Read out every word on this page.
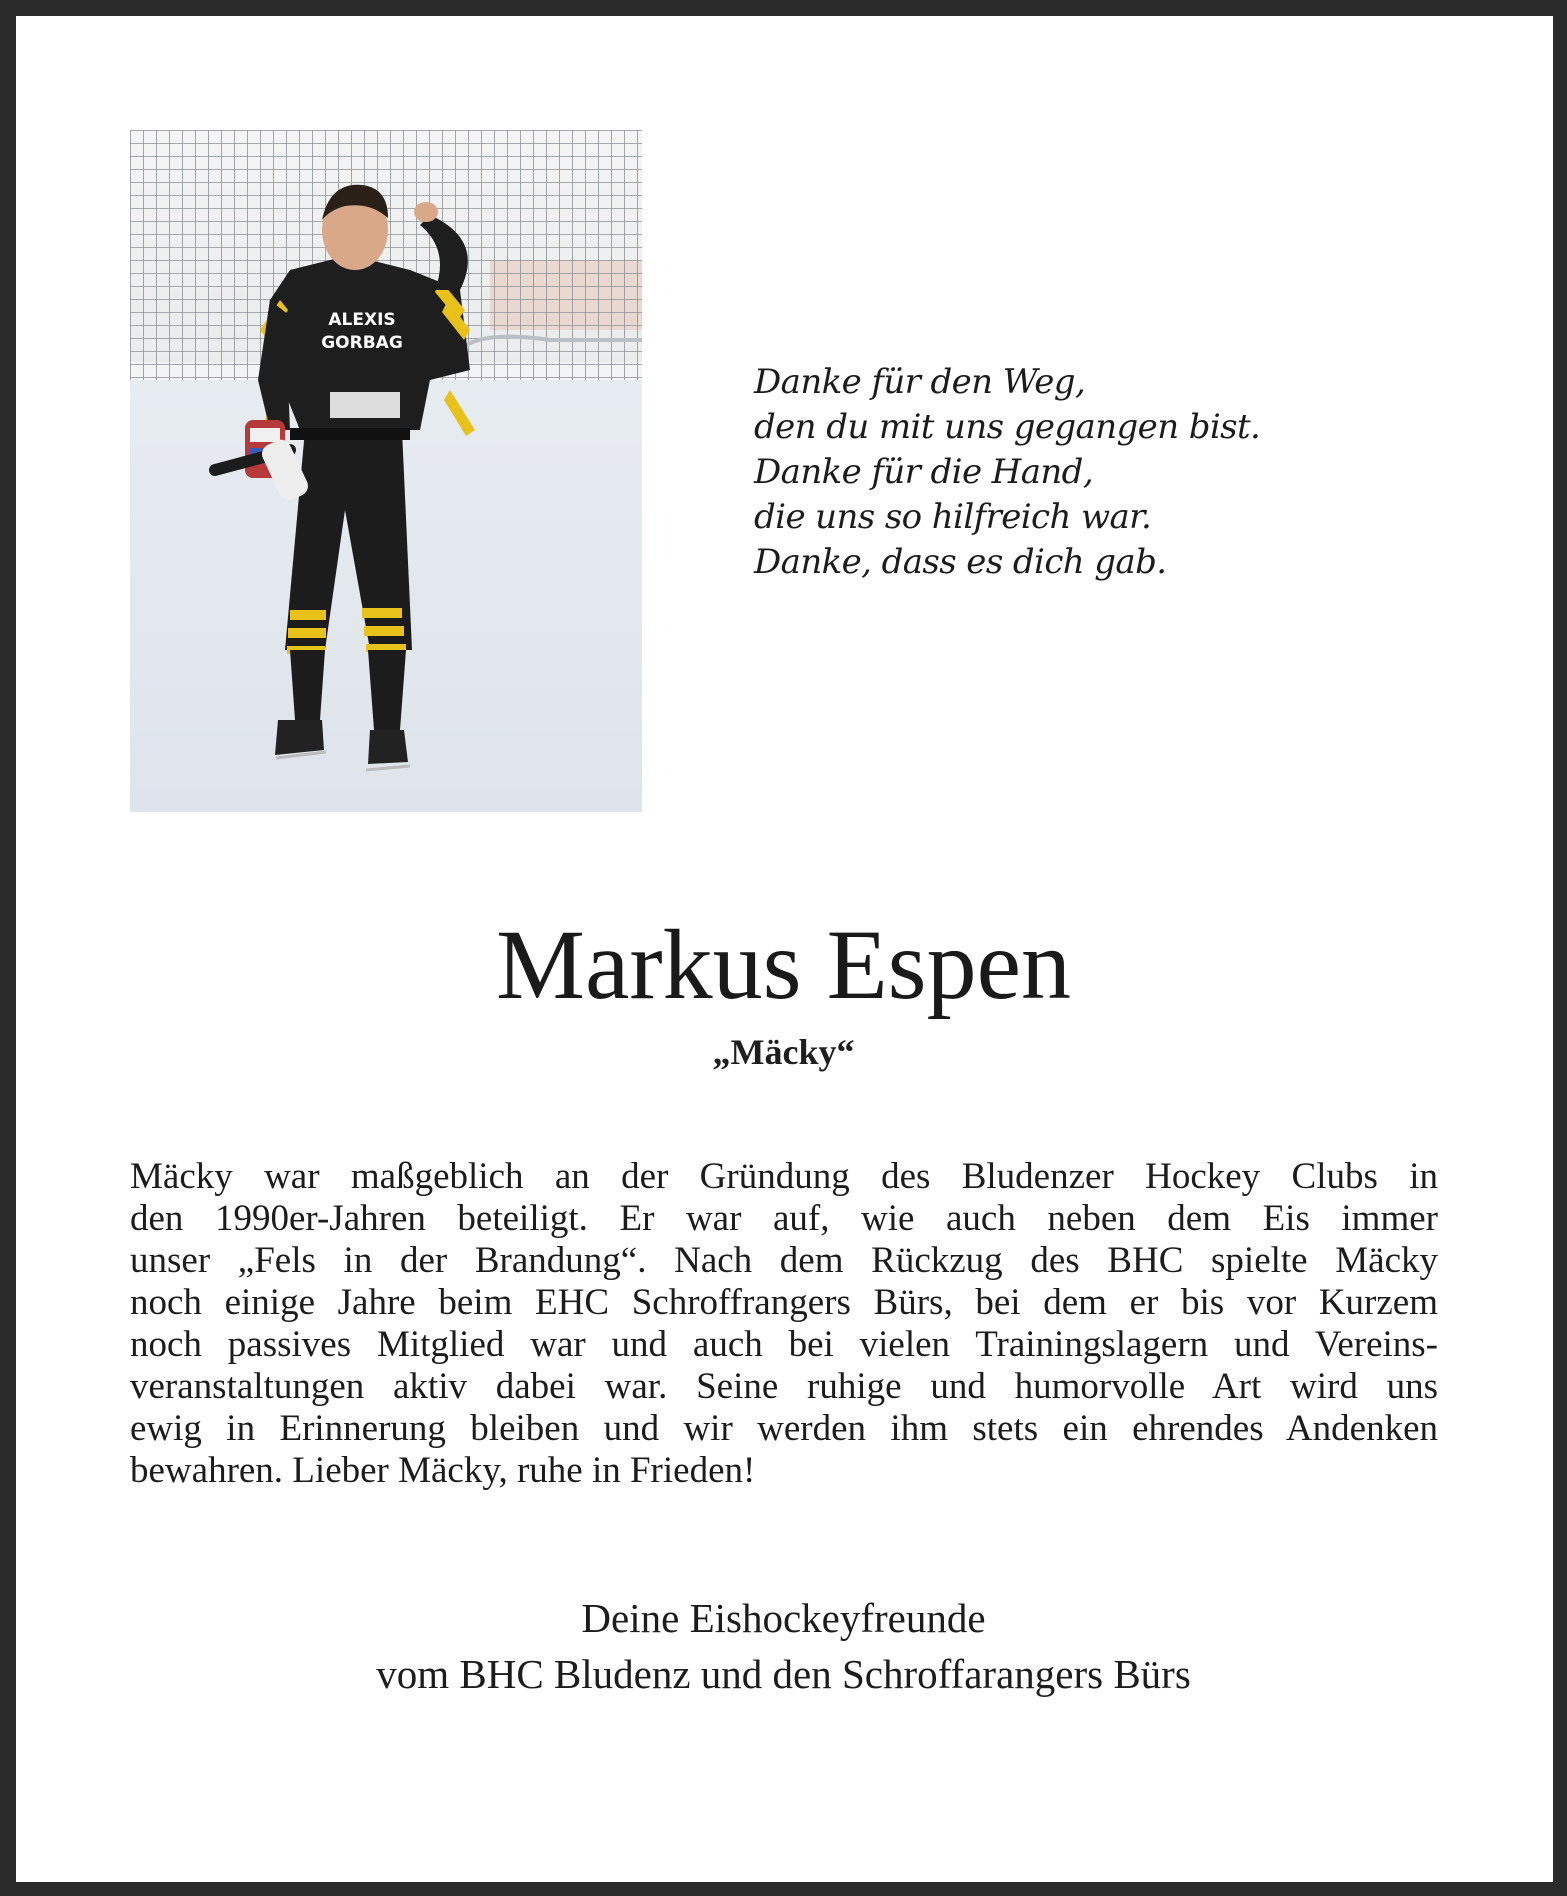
ALEXIS
GORBAG
Danke für den Weg,
den du mit uns gegangen bist.
Danke für die Hand,
die uns so hilfreich war.
Danke, dass es dich gab.
Markus Espen
„Mäcky“
Mäcky war maßgeblich an der Gründung des Bludenzer Hockey Clubs in
den 1990er-Jahren beteiligt. Er war auf, wie auch neben dem Eis immer
unser „Fels in der Brandung“. Nach dem Rückzug des BHC spielte Mäcky
noch einige Jahre beim EHC Schroffrangers Bürs, bei dem er bis vor Kurzem
noch passives Mitglied war und auch bei vielen Trainingslagern und Vereins-
veranstaltungen aktiv dabei war. Seine ruhige und humorvolle Art wird uns
ewig in Erinnerung bleiben und wir werden ihm stets ein ehrendes Andenken
bewahren. Lieber Mäcky, ruhe in Frieden!
Deine Eishockeyfreunde
vom BHC Bludenz und den Schroffarangers Bürs
